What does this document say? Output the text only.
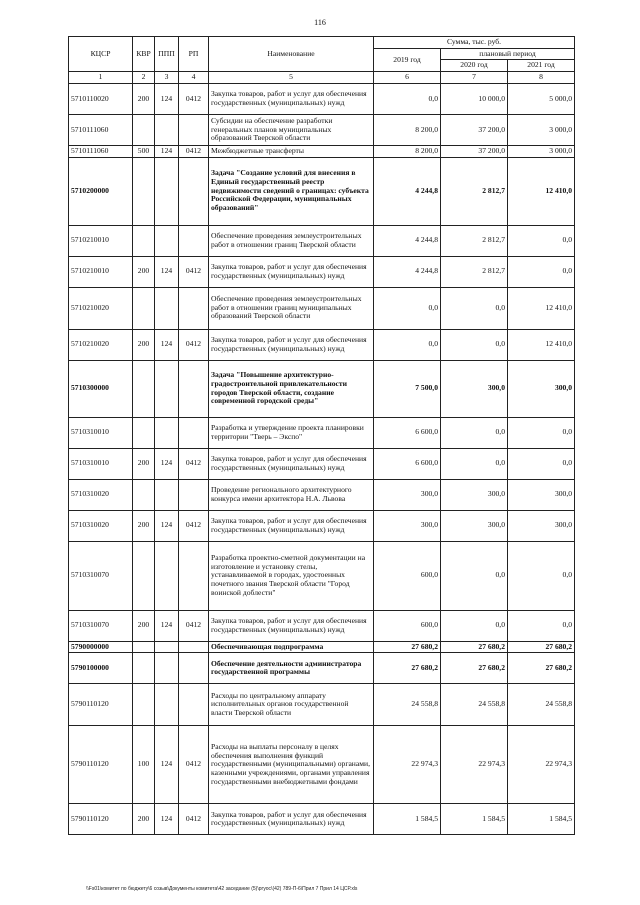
116
КЦСР	КВР	ППП	РП	Наименование	Сумма, тыс. руб.		
					2019 год	плановый период	
						2020 год	2021 год
1	2	3	4	5	6	7	8
5710110020	200	124	0412	Закупка товаров, работ и услуг для обеспечения государственных (муниципальных) нужд	0,0	10 000,0	5 000,0
5710111060				Субсидии на обеспечение разработки генеральных планов муниципальных образований Тверской области	8 200,0	37 200,0	3 000,0
5710111060	500	124	0412	Межбюджетные трансферты	8 200,0	37 200,0	3 000,0
5710200000				Задача "Создание условий для внесения в Единый государственный реестр недвижимости сведений о границах: субъекта Российской Федерации, муниципальных образований"	4 244,8	2 812,7	12 410,0
5710210010				Обеспечение проведения землеустроительных работ в отношении границ Тверской области	4 244,8	2 812,7	0,0
5710210010	200	124	0412	Закупка товаров, работ и услуг для обеспечения государственных (муниципальных) нужд	4 244,8	2 812,7	0,0
5710210020				Обеспечение проведения землеустроительных работ в отношении границ муниципальных образований Тверской области	0,0	0,0	12 410,0
5710210020	200	124	0412	Закупка товаров, работ и услуг для обеспечения государственных (муниципальных) нужд	0,0	0,0	12 410,0
5710300000				Задача "Повышение архитектурно-градостроительной привлекательности городов Тверской области, создание современной городской среды"	7 500,0	300,0	300,0
5710310010				Разработка и утверждение проекта планировки территории "Тверь – Экспо"	6 600,0	0,0	0,0
5710310010	200	124	0412	Закупка товаров, работ и услуг для обеспечения государственных (муниципальных) нужд	6 600,0	0,0	0,0
5710310020				Проведение регионального архитектурного конкурса имени архитектора Н.А. Львова	300,0	300,0	300,0
5710310020	200	124	0412	Закупка товаров, работ и услуг для обеспечения государственных (муниципальных) нужд	300,0	300,0	300,0
5710310070				Разработка проектно-сметной документации на изготовление и установку стелы, устанавливаемой в городах, удостоенных почетного звания Тверской области "Город воинской доблести"	600,0	0,0	0,0
5710310070	200	124	0412	Закупка товаров, работ и услуг для обеспечения государственных (муниципальных) нужд	600,0	0,0	0,0
5790000000				Обеспечивающая подпрограмма	27 680,2	27 680,2	27 680,2
5790100000				Обеспечение деятельности администратора государственной программы	27 680,2	27 680,2	27 680,2
5790110120				Расходы по центральному аппарату исполнительных органов государственной власти Тверской области	24 558,8	24 558,8	24 558,8
5790110120	100	124	0412	Расходы на выплаты персоналу в целях обеспечения выполнения функций государственными (муниципальными) органами, казенными учреждениями, органами управления государственными внебюджетными фондами	22 974,3	22 974,3	22 974,3
5790110120	200	124	0412	Закупка товаров, работ и услуг для обеспечения государственных (муниципальных) нужд	1 584,5	1 584,5	1 584,5
\\Fs01\комитет по бюджету\6 созыв\Документы комитета\42 заседание (5)\ргуос\(42) 789-П-6\Прил 7 Прил 14 ЦСР.xls
